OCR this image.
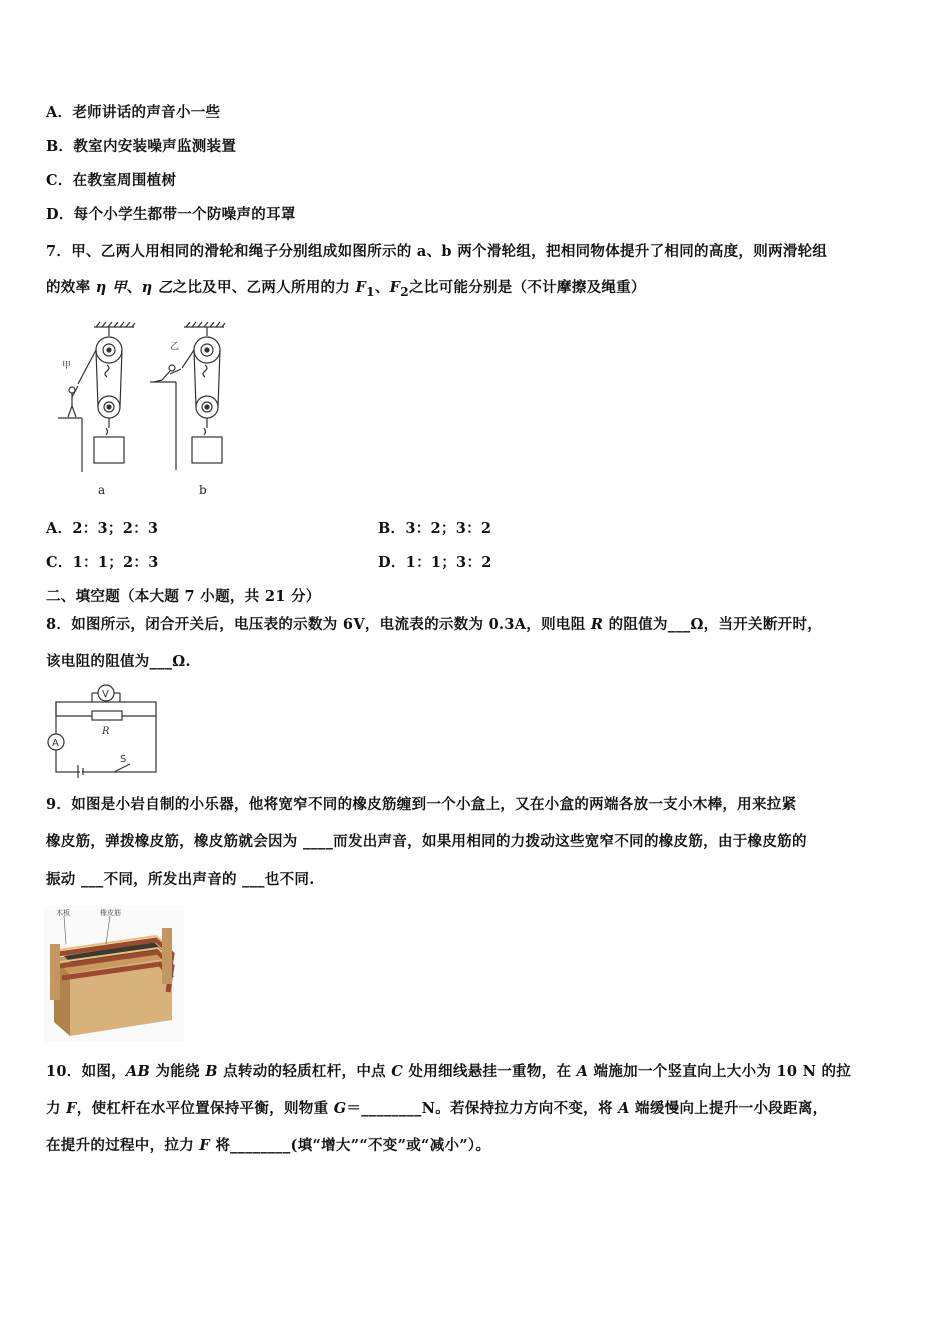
A．老师讲话的声音小一些
B．教室内安装噪声监测装置
C．在教室周围植树
D．每个小学生都带一个防噪声的耳罩
7．甲、乙两人用相同的滑轮和绳子分别组成如图所示的 a、b 两个滑轮组，把相同物体提升了相同的高度，则两滑轮组
的效率 η 甲、η 乙之比及甲、乙两人所用的力 $F_1$、$F_2$之比可能分别是（不计摩擦及绳重）
甲
乙
a	b
A．2：3；2：3	B．3：2；3：2
C．1：1；2：3	D．1：1；3：2
二、填空题（本大题 7 小题，共 21 分）
8．如图所示，闭合开关后，电压表的示数为 6V，电流表的示数为 0.3A，则电阻 R 的阻值为___Ω，当开关断开时，
该电阻的阻值为___Ω.
V
A
R
S
9．如图是小岩自制的小乐器，他将宽窄不同的橡皮筋缠到一个小盒上，又在小盒的两端各放一支小木棒，用来拉紧
橡皮筋，弹拨橡皮筋，橡皮筋就会因为 ____而发出声音，如果用相同的力拨动这些宽窄不同的橡皮筋，由于橡皮筋的
振动 ___不同，所发出声音的 ___也不同.
木板	橡皮筋
10．如图，AB 为能绕 B 点转动的轻质杠杆，中点 C 处用细线悬挂一重物，在 A 端施加一个竖直向上大小为 10 N 的拉
力 F，使杠杆在水平位置保持平衡，则物重 G＝________N。若保持拉力方向不变，将 A 端缓慢向上提升一小段距离，
在提升的过程中，拉力 F 将________(填“增大”“不变”或“减小”）。
